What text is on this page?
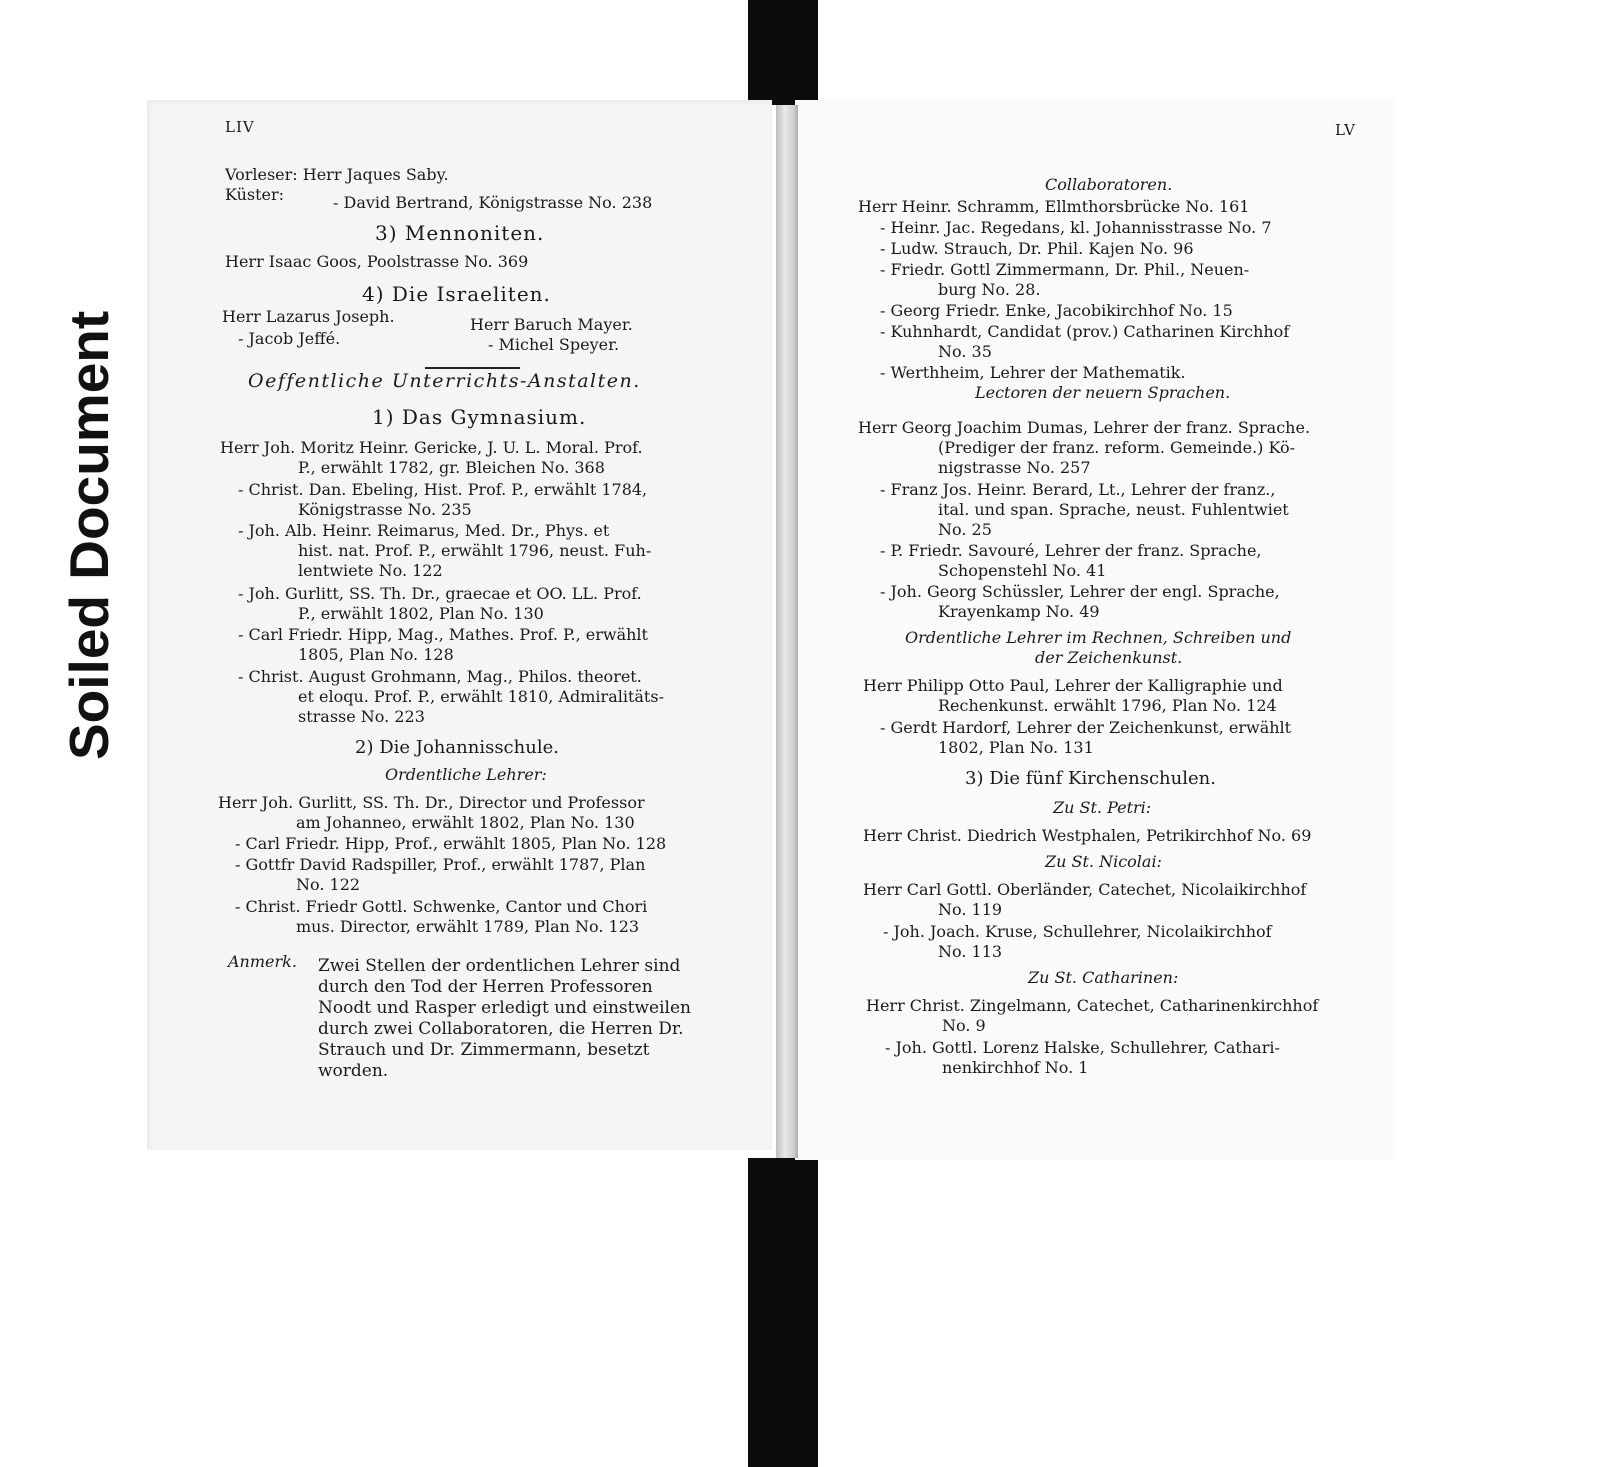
Soiled Document
LIV	LV
Vorleser: Herr Jaques Saby.
Küster:	- David Bertrand, Königstrasse No. 238
3) Mennoniten.
Herr Isaac Goos, Poolstrasse No. 369
4) Die Israeliten.
Herr Lazarus Joseph.	Herr Baruch Mayer.
- Jacob Jeffé.	- Michel Speyer.
Oeffentliche Unterrichts-Anstalten.
1) Das Gymnasium.
Herr Joh. Moritz Heinr. Gericke, J. U. L. Moral. Prof.
P., erwählt 1782, gr. Bleichen No. 368
- Christ. Dan. Ebeling, Hist. Prof. P., erwählt 1784,
Königstrasse No. 235
- Joh. Alb. Heinr. Reimarus, Med. Dr., Phys. et
hist. nat. Prof. P., erwählt 1796, neust. Fuh-
lentwiete No. 122
- Joh. Gurlitt, SS. Th. Dr., graecae et OO. LL. Prof.
P., erwählt 1802, Plan No. 130
- Carl Friedr. Hipp, Mag., Mathes. Prof. P., erwählt
1805, Plan No. 128
- Christ. August Grohmann, Mag., Philos. theoret.
et eloqu. Prof. P., erwählt 1810, Admiralitäts-
strasse No. 223
2) Die Johannisschule.
Ordentliche Lehrer:
Herr Joh. Gurlitt, SS. Th. Dr., Director und Professor
am Johanneo, erwählt 1802, Plan No. 130
- Carl Friedr. Hipp, Prof., erwählt 1805, Plan No. 128
- Gottfr David Radspiller, Prof., erwählt 1787, Plan
No. 122
- Christ. Friedr Gottl. Schwenke, Cantor und Chori
mus. Director, erwählt 1789, Plan No. 123
Anmerk. Zwei Stellen der ordentlichen Lehrer sind
durch den Tod der Herren Professoren
Noodt und Rasper erledigt und einstweilen
durch zwei Collaboratoren, die Herren Dr.
Strauch und Dr. Zimmermann, besetzt
worden.
Collaboratoren.
Herr Heinr. Schramm, Ellmthorsbrücke No. 161
- Heinr. Jac. Regedans, kl. Johannisstrasse No. 7
- Ludw. Strauch, Dr. Phil. Kajen No. 96
- Friedr. Gottl Zimmermann, Dr. Phil., Neuen-
burg No. 28.
- Georg Friedr. Enke, Jacobikirchhof No. 15
- Kuhnhardt, Candidat (prov.) Catharinen Kirchhof
No. 35
- Werthheim, Lehrer der Mathematik.
Lectoren der neuern Sprachen.
Herr Georg Joachim Dumas, Lehrer der franz. Sprache.
(Prediger der franz. reform. Gemeinde.) Kö-
nigstrasse No. 257
- Franz Jos. Heinr. Berard, Lt., Lehrer der franz.,
ital. und span. Sprache, neust. Fuhlentwiet
No. 25
- P. Friedr. Savouré, Lehrer der franz. Sprache,
Schopenstehl No. 41
- Joh. Georg Schüssler, Lehrer der engl. Sprache,
Krayenkamp No. 49
Ordentliche Lehrer im Rechnen, Schreiben und
der Zeichenkunst.
Herr Philipp Otto Paul, Lehrer der Kalligraphie und
Rechenkunst. erwählt 1796, Plan No. 124
- Gerdt Hardorf, Lehrer der Zeichenkunst, erwählt
1802, Plan No. 131
3) Die fünf Kirchenschulen.
Zu St. Petri:
Herr Christ. Diedrich Westphalen, Petrikirchhof No. 69
Zu St. Nicolai:
Herr Carl Gottl. Oberländer, Catechet, Nicolaikirchhof
No. 119
- Joh. Joach. Kruse, Schullehrer, Nicolaikirchhof
No. 113
Zu St. Catharinen:
Herr Christ. Zingelmann, Catechet, Catharinenkirchhof
No. 9
- Joh. Gottl. Lorenz Halske, Schullehrer, Cathari-
nenkirchhof No. 1
